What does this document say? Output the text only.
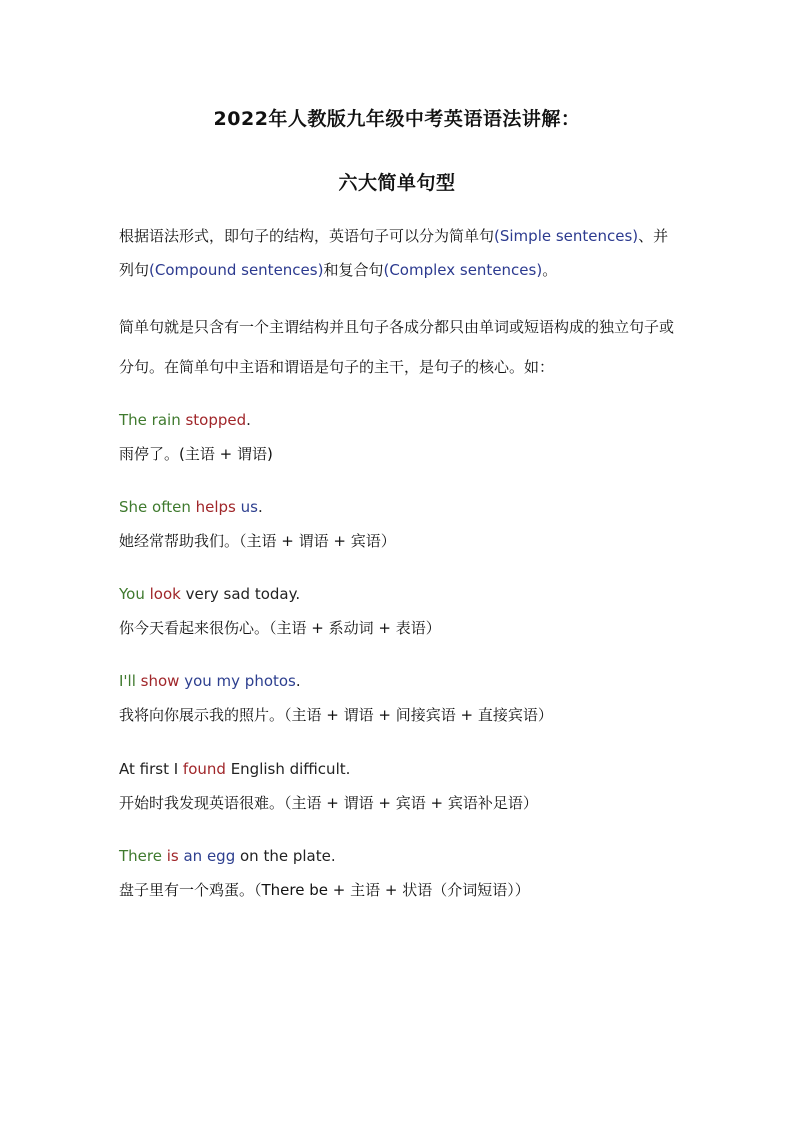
2022年人教版九年级中考英语语法讲解：
六大简单句型

根据语法形式，即句子的结构，英语句子可以分为简单句(Simple sentences)、并列句(Compound sentences)和复合句(Complex sentences)。

简单句就是只含有一个主谓结构并且句子各成分都只由单词或短语构成的独立句子或分句。在简单句中主语和谓语是句子的主干，是句子的核心。如：

The rain stopped.
雨停了。(主语 + 谓语)
She often helps us.
她经常帮助我们。（主语 + 谓语 + 宾语）
You look very sad today.
你今天看起来很伤心。（主语 + 系动词 + 表语）
I'll show you my photos.
我将向你展示我的照片。（主语 + 谓语 + 间接宾语 + 直接宾语）
At first I found English difficult.
开始时我发现英语很难。（主语 + 谓语 + 宾语 + 宾语补足语）
There is an egg on the plate.
盘子里有一个鸡蛋。（There be + 主语 + 状语（介词短语））
